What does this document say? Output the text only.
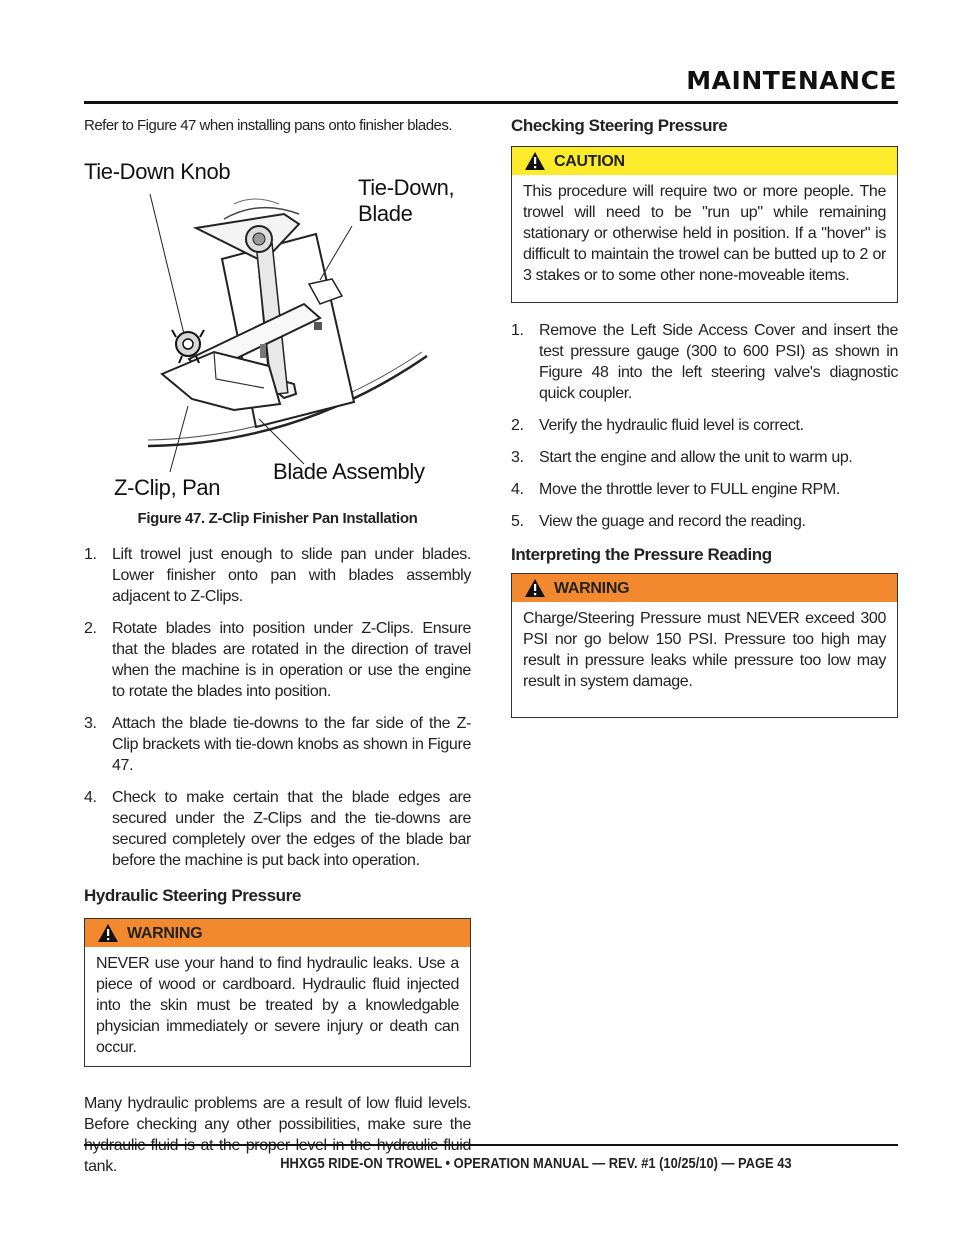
MAINTENANCE
Refer to Figure 47 when installing pans onto finisher blades.
Tie-Down Knob
Tie-Down,
Blade
Blade Assembly
Z-Clip, Pan
Figure 47. Z-Clip Finisher Pan Installation
1. Lift trowel just enough to slide pan under blades. Lower finisher onto pan with blades assembly adjacent to Z-Clips.
2. Rotate blades into position under Z-Clips. Ensure that the blades are rotated in the direction of travel when the machine is in operation or use the engine to rotate the blades into position.
3. Attach the blade tie-downs to the far side of the Z-Clip brackets with tie-down knobs as shown in Figure 47.
4. Check to make certain that the blade edges are secured under the Z-Clips and the tie-downs are secured completely over the edges of the blade bar before the machine is put back into operation.
Hydraulic Steering Pressure
WARNING
NEVER use your hand to find hydraulic leaks. Use a piece of wood or cardboard. Hydraulic fluid injected into the skin must be treated by a knowledgable physician immediately or severe injury or death can occur.
Many hydraulic problems are a result of low fluid levels. Before checking any other possibilities, make sure the tank.
Checking Steering Pressure
CAUTION
This procedure will require two or more people. The trowel will need to be "run up" while remaining stationary or otherwise held in position. If a "hover" is difficult to maintain the trowel can be butted up to 2 or 3 stakes or to some other none-moveable items.
1. Remove the Left Side Access Cover and insert the test pressure gauge (300 to 600 PSI) as shown in Figure 48 into the left steering valve's diagnostic quick coupler.
2. Verify the hydraulic fluid level is correct.
3. Start the engine and allow the unit to warm up.
4. Move the throttle lever to FULL engine RPM.
5. View the guage and record the reading.
Interpreting the Pressure Reading
WARNING
Charge/Steering Pressure must NEVER exceed 300 PSI nor go below 150 PSI. Pressure too high may result in pressure leaks while pressure too low may result in system damage.
HHXG5 RIDE-ON TROWEL • OPERATION MANUAL — REV. #1 (10/25/10) — PAGE 43
